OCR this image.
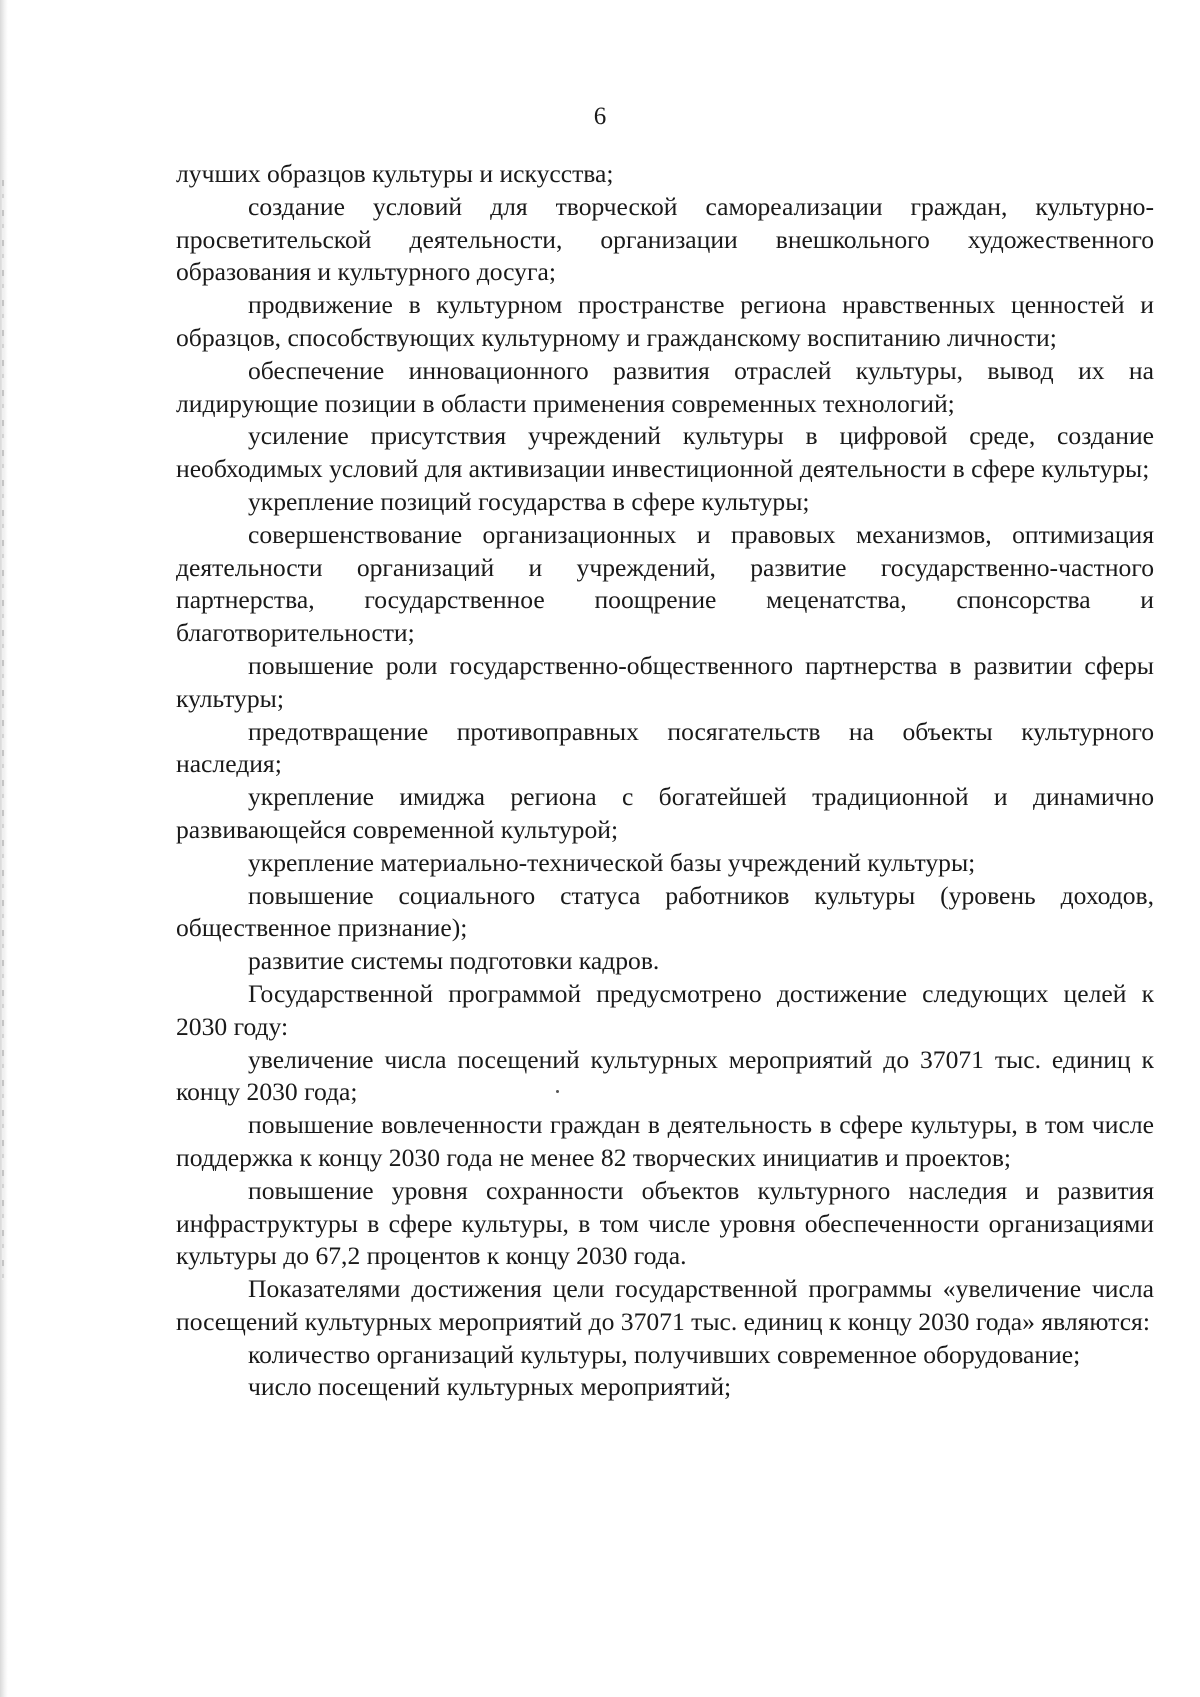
6

лучших образцов культуры и искусства;

создание условий для творческой самореализации граждан, культурно-просветительской деятельности, организации внешкольного художественного образования и культурного досуга;

продвижение в культурном пространстве региона нравственных ценностей и образцов, способствующих культурному и гражданскому воспитанию личности;

обеспечение инновационного развития отраслей культуры, вывод их на лидирующие позиции в области применения современных технологий;

усиление присутствия учреждений культуры в цифровой среде, создание необходимых условий для активизации инвестиционной деятельности в сфере культуры;

укрепление позиций государства в сфере культуры;

совершенствование организационных и правовых механизмов, оптимизация деятельности организаций и учреждений, развитие государственно-частного партнерства, государственное поощрение меценатства, спонсорства и благотворительности;

повышение роли государственно-общественного партнерства в развитии сферы культуры;

предотвращение противоправных посягательств на объекты культурного наследия;

укрепление имиджа региона с богатейшей традиционной и динамично развивающейся современной культурой;

укрепление материально-технической базы учреждений культуры;

повышение социального статуса работников культуры (уровень доходов, общественное признание);

развитие системы подготовки кадров.

Государственной программой предусмотрено достижение следующих целей к 2030 году:

увеличение числа посещений культурных мероприятий до 37071 тыс. единиц к концу 2030 года;

повышение вовлеченности граждан в деятельность в сфере культуры, в том числе поддержка к концу 2030 года не менее 82 творческих инициатив и проектов;

повышение уровня сохранности объектов культурного наследия и развития инфраструктуры в сфере культуры, в том числе уровня обеспеченности организациями культуры до 67,2 процентов к концу 2030 года.

Показателями достижения цели государственной программы «увеличение числа посещений культурных мероприятий до 37071 тыс. единиц к концу 2030 года» являются:

количество организаций культуры, получивших современное оборудование;

число посещений культурных мероприятий;
